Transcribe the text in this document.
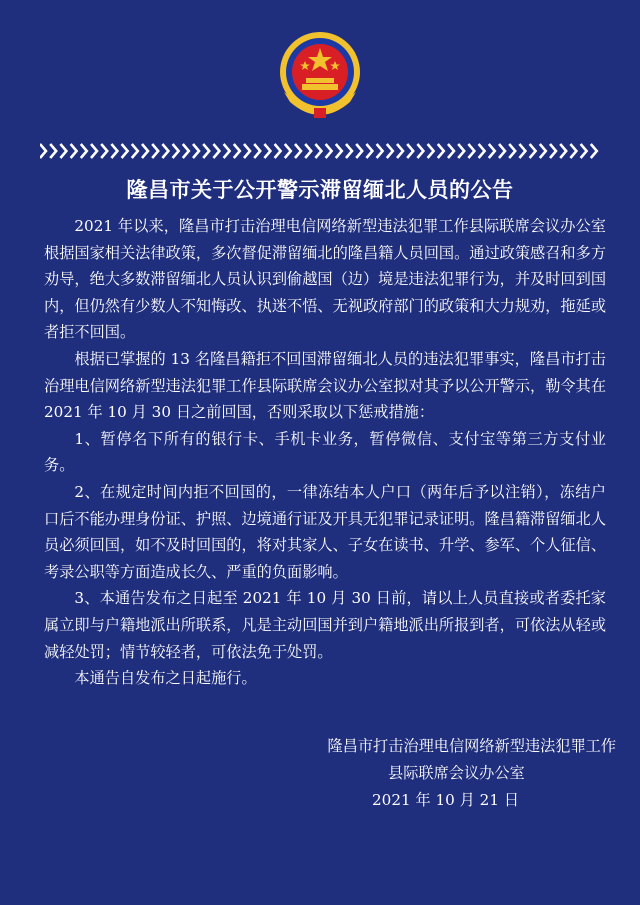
隆昌市关于公开警示滞留缅北人员的公告

2021 年以来，隆昌市打击治理电信网络新型违法犯罪工作县际联席会议办公室根据国家相关法律政策，多次督促滞留缅北的隆昌籍人员回国。通过政策感召和多方劝导，绝大多数滞留缅北人员认识到偷越国（边）境是违法犯罪行为，并及时回到国内，但仍然有少数人不知悔改、执迷不悟、无视政府部门的政策和大力规劝，拖延或者拒不回国。

根据已掌握的 13 名隆昌籍拒不回国滞留缅北人员的违法犯罪事实，隆昌市打击治理电信网络新型违法犯罪工作县际联席会议办公室拟对其予以公开警示，勒令其在 2021 年 10 月 30 日之前回国，否则采取以下惩戒措施：

1、暂停名下所有的银行卡、手机卡业务，暂停微信、支付宝等第三方支付业务。

2、在规定时间内拒不回国的，一律冻结本人户口（两年后予以注销），冻结户口后不能办理身份证、护照、边境通行证及开具无犯罪记录证明。隆昌籍滞留缅北人员必须回国，如不及时回国的，将对其家人、子女在读书、升学、参军、个人征信、考录公职等方面造成长久、严重的负面影响。

3、本通告发布之日起至 2021 年 10 月 30 日前，请以上人员直接或者委托家属立即与户籍地派出所联系，凡是主动回国并到户籍地派出所报到者，可依法从轻或减轻处罚；情节较轻者，可依法免于处罚。

本通告自发布之日起施行。

隆昌市打击治理电信网络新型违法犯罪工作
县际联席会议办公室
2021 年 10 月 21 日
